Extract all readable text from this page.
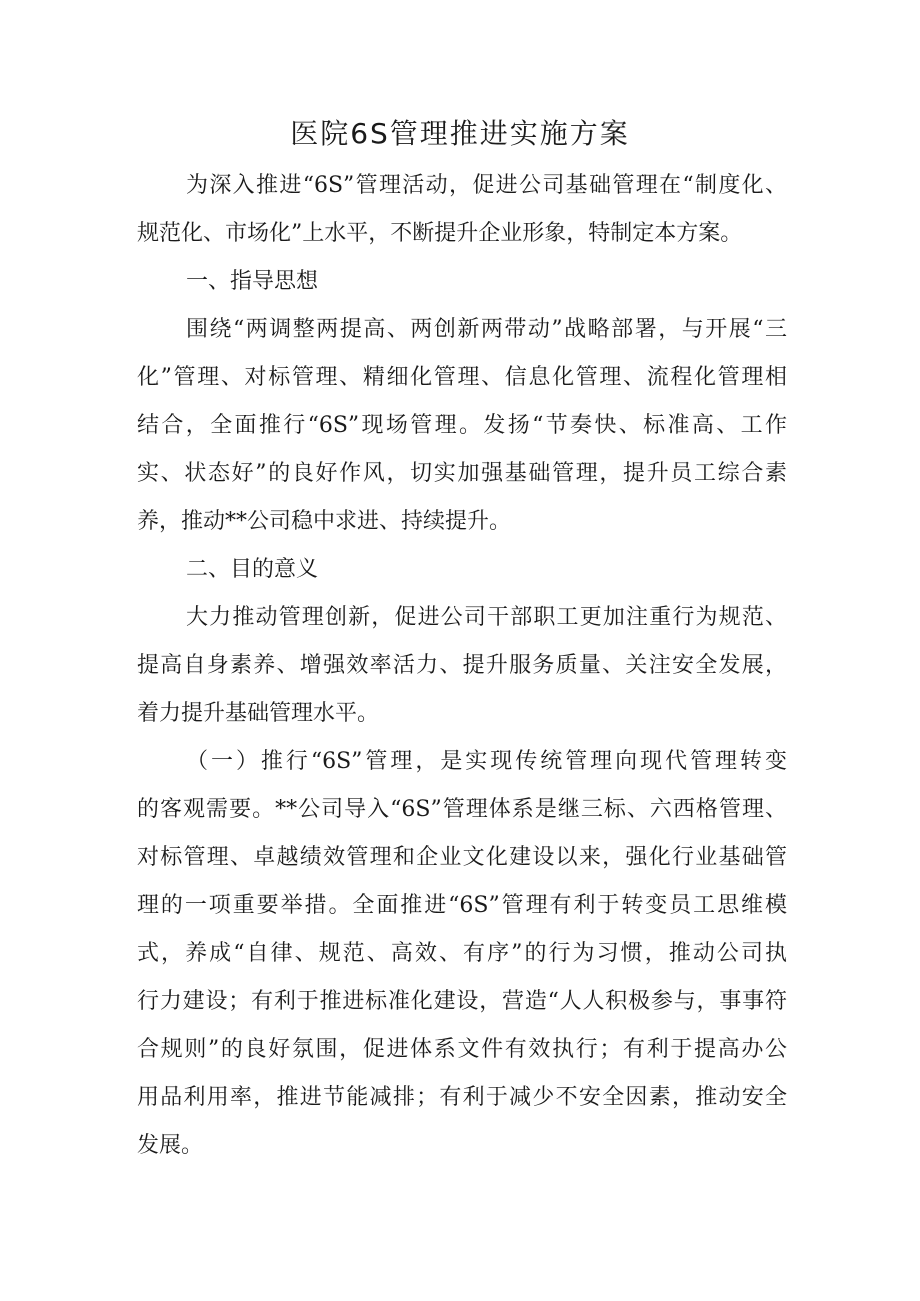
医院6S管理推进实施方案
为深入推进“6S”管理活动，促进公司基础管理在“制度化、
规范化、市场化”上水平，不断提升企业形象，特制定本方案。
一、指导思想
围绕“两调整两提高、两创新两带动”战略部署，与开展“三
化”管理、对标管理、精细化管理、信息化管理、流程化管理相
结合，全面推行“6S”现场管理。发扬“节奏快、标准高、工作
实、状态好”的良好作风，切实加强基础管理，提升员工综合素
养，推动**公司稳中求进、持续提升。
二、目的意义
大力推动管理创新，促进公司干部职工更加注重行为规范、
提高自身素养、增强效率活力、提升服务质量、关注安全发展，
着力提升基础管理水平。
（一）推行“6S”管理，是实现传统管理向现代管理转变
的客观需要。**公司导入“6S”管理体系是继三标、六西格管理、
对标管理、卓越绩效管理和企业文化建设以来，强化行业基础管
理的一项重要举措。全面推进“6S”管理有利于转变员工思维模
式，养成“自律、规范、高效、有序”的行为习惯，推动公司执
行力建设；有利于推进标准化建设，营造“人人积极参与，事事符
合规则”的良好氛围，促进体系文件有效执行；有利于提高办公
用品利用率，推进节能减排；有利于减少不安全因素，推动安全
发展。
